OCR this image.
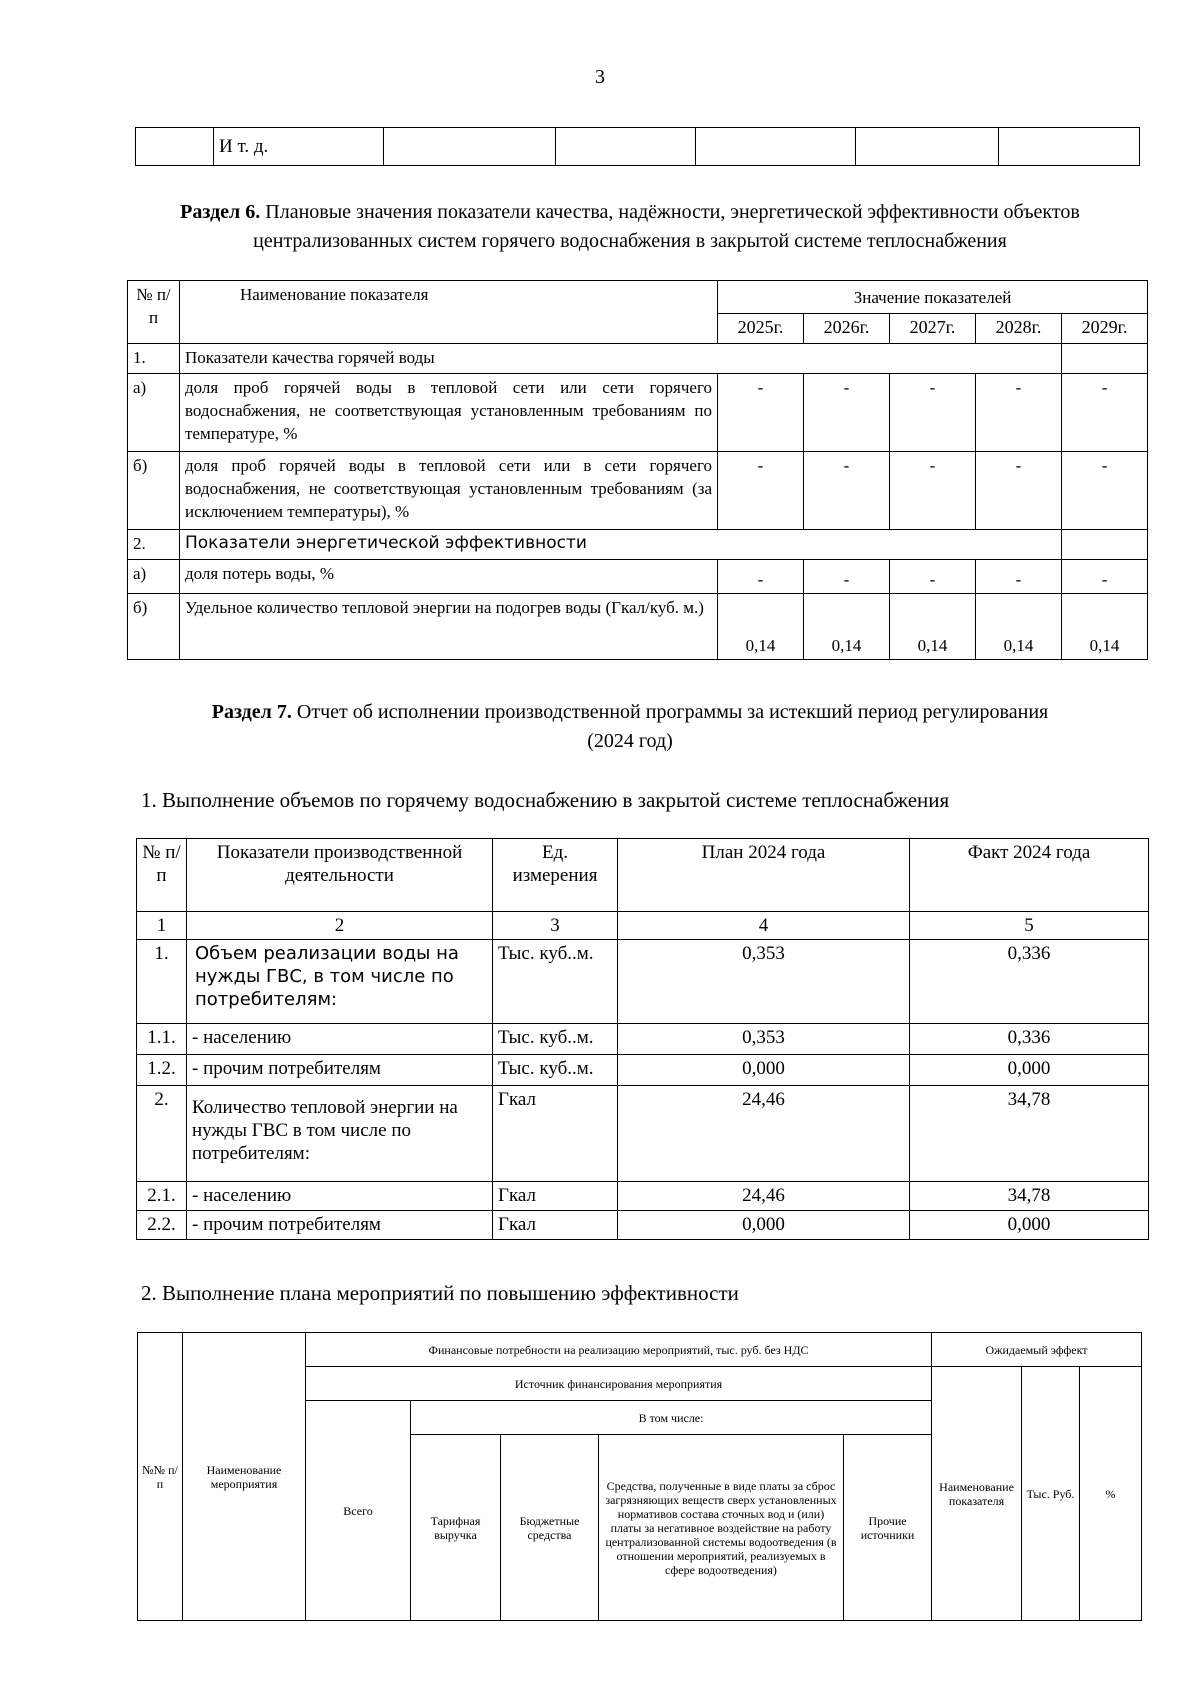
3
	И т. д.					
Раздел 6. Плановые значения показатели качества, надёжности, энергетической эффективности объектов централизованных систем горячего водоснабжения в закрытой системе теплоснабжения
№ п/п	Наименование показателя	Значение показателей				
		2025г.	2026г.	2027г.	2028г.	2029г.
1.	Показатели качества горячей воды					
а)	доля проб горячей воды в тепловой сети или сети горячего водоснабжения, не соответствующая установленным требованиям по температуре, %	-	-	-	-	-
б)	доля проб горячей воды в тепловой сети или в сети горячего водоснабжения, не соответствующая установленным требованиям (за исключением температуры), %	-	-	-	-	-
2.	Показатели энергетической эффективности					
а)	доля потерь воды, %	-	-	-	-	-
б)	Удельное количество тепловой энергии на подогрев воды (Гкал/куб. м.)	0,14	0,14	0,14	0,14	0,14
Раздел 7. Отчет об исполнении производственной программы за истекший период регулирования
(2024 год)
1. Выполнение объемов по горячему водоснабжению в закрытой системе теплоснабжения
№ п/п	Показатели производственной деятельности	Ед. измерения	План 2024 года	Факт 2024 года
1	2	3	4	5
1.	Объем реализации воды на нужды ГВС, в том числе по потребителям:	Тыс. куб..м.	0,353	0,336
1.1.	- населению	Тыс. куб..м.	0,353	0,336
1.2.	- прочим потребителям	Тыс. куб..м.	0,000	0,000
2.	Количество тепловой энергии на нужды ГВС в том числе по потребителям:	Гкал	24,46	34,78
2.1.	- населению	Гкал	24,46	34,78
2.2.	- прочим потребителям	Гкал	0,000	0,000
2. Выполнение плана мероприятий по повышению эффективности
№№ п/п	Наименование мероприятия	Финансовые потребности на реализацию мероприятий, тыс. руб. без НДС					Ожидаемый эффект		
		Источник финансирования мероприятия					Наименование показателя	Тыс. Руб.	%
		Всего	В том числе:						
			Тарифная выручка	Бюджетные средства	Средства, полученные в виде платы за сброс загрязняющих веществ сверх установленных нормативов состава сточных вод и (или) платы за негативное воздействие на работу централизованной системы водоотведения (в отношении мероприятий, реализуемых в сфере водоотведения)	Прочие источники			
